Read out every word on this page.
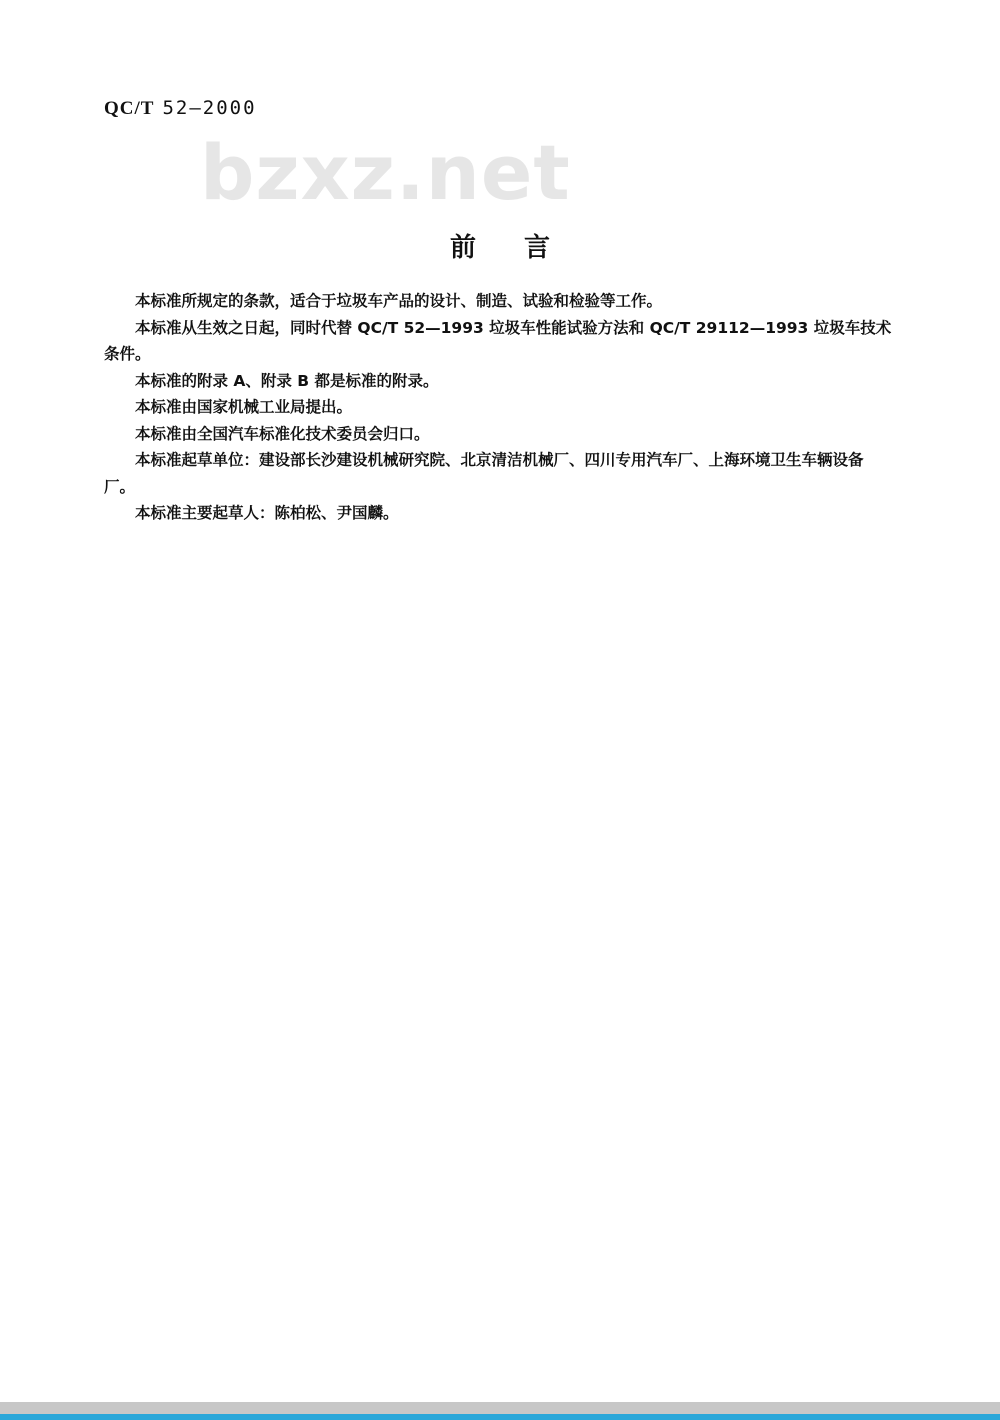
QC/T 52—2000
bzxz.net
前言

本标准所规定的条款，适合于垃圾车产品的设计、制造、试验和检验等工作。

本标准从生效之日起，同时代替 QC/T 52—1993 垃圾车性能试验方法和 QC/T 29112—1993 垃圾车技术条件。

本标准的附录 A、附录 B 都是标准的附录。

本标准由国家机械工业局提出。

本标准由全国汽车标准化技术委员会归口。

本标准起草单位：建设部长沙建设机械研究院、北京清洁机械厂、四川专用汽车厂、上海环境卫生车辆设备厂。

本标准主要起草人：陈柏松、尹国麟。
